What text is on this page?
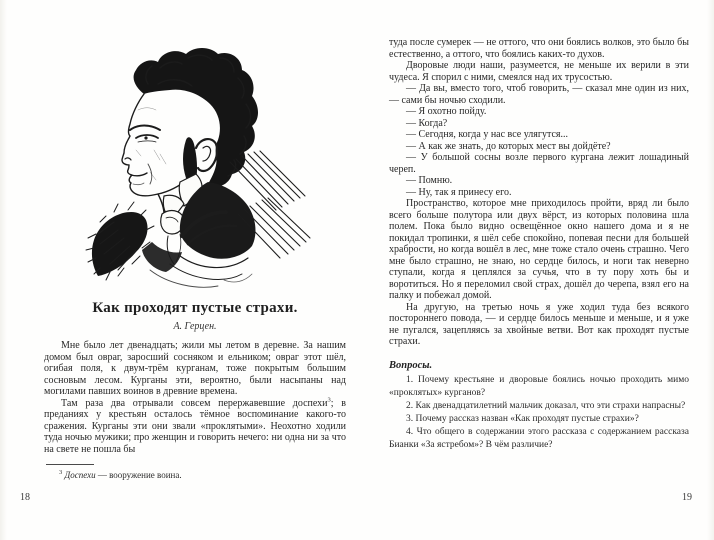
Как проходят пустые страхи.
А. Герцен.

Мне было лет двенадцать; жили мы летом в деревне. За нашим домом был овраг, заросший сосняком и ельником; овраг этот шёл, огибая поля, к двум-трём курганам, тоже покрытым большим сосновым лесом. Курганы эти, вероятно, были насыпаны над могилами павших воинов в древние времена.

Там раза два отрывали совсем перержавевшие доспехи$^3$; в преданиях у крестьян осталось тёмное воспоминание какого-то сражения. Курганы эти они звали «проклятыми». Неохотно ходили туда ночью мужики; про женщин и говорить нечего: ни одна ни за что на свете не пошла бы

$^3$ Доспехи — вооружение воина.

туда после сумерек — не оттого, что они боялись волков, это было бы естественно, а оттого, что боялись каких-то духов.

Дворовые люди наши, разумеется, не меньше их верили в эти чудеса. Я спорил с ними, смеялся над их трусостью.

— Да вы, вместо того, чтоб говорить, — сказал мне один из них, — сами бы ночью сходили.

— Я охотно пойду.

— Когда?

— Сегодня, когда у нас все улягутся...

— А как же знать, до которых мест вы дойдёте?

— У большой сосны возле первого кургана лежит лошадиный череп.

— Помню.

— Ну, так я принесу его.

Пространство, которое мне приходилось пройти, вряд ли было всего больше полутора или двух вёрст, из которых половина шла полем. Пока было видно освещённое окно нашего дома и я не покидал тропинки, я шёл себе спокойно, попевая песни для большей храбрости, но когда вошёл в лес, мне тоже стало очень страшно. Чего мне было страшно, не знаю, но сердце билось, и ноги так неверно ступали, когда я цеплялся за сучья, что в ту пору хоть бы и воротиться. Но я переломил свой страх, дошёл до черепа, взял его на палку и побежал домой.

На другую, на третью ночь я уже ходил туда без всякого постороннего повода, — и сердце билось меньше и меньше, и я уже не пугался, зацепляясь за хвойные ветви. Вот как проходят пустые страхи.

Вопросы.

1. Почему крестьяне и дворовые боялись ночью проходить мимо «проклятых» курганов?

2. Как двенадцатилетний мальчик доказал, что эти страхи напрасны?

3. Почему рассказ назван «Как проходят пустые страхи»?

4. Что общего в содержании этого рассказа с содержанием рассказа Бианки «За ястребом»? В чём различие?

18	19
